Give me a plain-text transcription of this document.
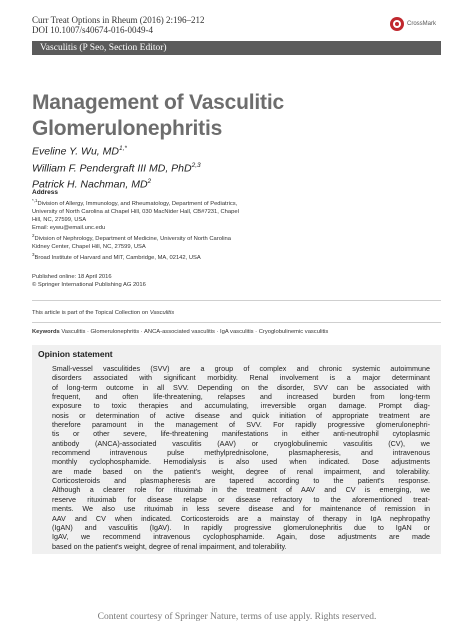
Curr Treat Options in Rheum (2016) 2:196–212
DOI 10.1007/s40674-016-0049-4
CrossMark
Vasculitis (P Seo, Section Editor)
Management of Vasculitic
Glomerulonephritis
Eveline Y. Wu, $MD^{1,*}$
William F. Pendergraft III MD, PhD$^{2,3}$
Patrick H. Nachman, $MD^2$
Address
$^{*,1}$Division of Allergy, Immunology, and Rheumatology, Department of Pediatrics,
University of North Carolina at Chapel Hill, 030 MacNider Hall, CB#7231, Chapel
Hill, NC, 27599, USA
Email: eywu@email.unc.edu
$^2$Division of Nephrology, Department of Medicine, University of North Carolina
Kidney Center, Chapel Hill, NC, 27599, USA
$^3$Broad Institute of Harvard and MIT, Cambridge, MA, 02142, USA
Published online: 18 April 2016
© Springer International Publishing AG 2016
This article is part of the Topical Collection on Vasculitis
Keywords Vasculitis · Glomerulonephritis · ANCA-associated vasculitis · IgA vasculitis · Cryoglobulinemic vasculitis
Opinion statement
Small-vessel vasculitides (SVV) are a group of complex and chronic systemic autoimmune
disorders associated with significant morbidity. Renal involvement is a major determinant
of long-term outcome in all SVV. Depending on the disorder, SVV can be associated with
frequent, and often life-threatening, relapses and increased burden from long-term
exposure to toxic therapies and accumulating, irreversible organ damage. Prompt diag-
nosis or determination of active disease and quick initiation of appropriate treatment are
therefore paramount in the management of SVV. For rapidly progressive glomerulonephri-
tis or other severe, life-threatening manifestations in either anti-neutrophil cytoplasmic
antibody (ANCA)-associated vasculitis (AAV) or cryoglobulinemic vasculitis (CV), we
recommend intravenous pulse methylprednisolone, plasmapheresis, and intravenous
monthly cyclophosphamide. Hemodialysis is also used when indicated. Dose adjustments
are made based on the patient's weight, degree of renal impairment, and tolerability.
Corticosteroids and plasmapheresis are tapered according to the patient's response.
Although a clearer role for rituximab in the treatment of AAV and CV is emerging, we
reserve rituximab for disease relapse or disease refractory to the aforementioned treat-
ments. We also use rituximab in less severe disease and for maintenance of remission in
AAV and CV when indicated. Corticosteroids are a mainstay of therapy in IgA nephropathy
(IgAN) and vasculitis (IgAV). In rapidly progressive glomerulonephritis due to IgAN or
IgAV, we recommend intravenous cyclophosphamide. Again, dose adjustments are made
based on the patient's weight, degree of renal impairment, and tolerability.
Content courtesy of Springer Nature, terms of use apply. Rights reserved.
